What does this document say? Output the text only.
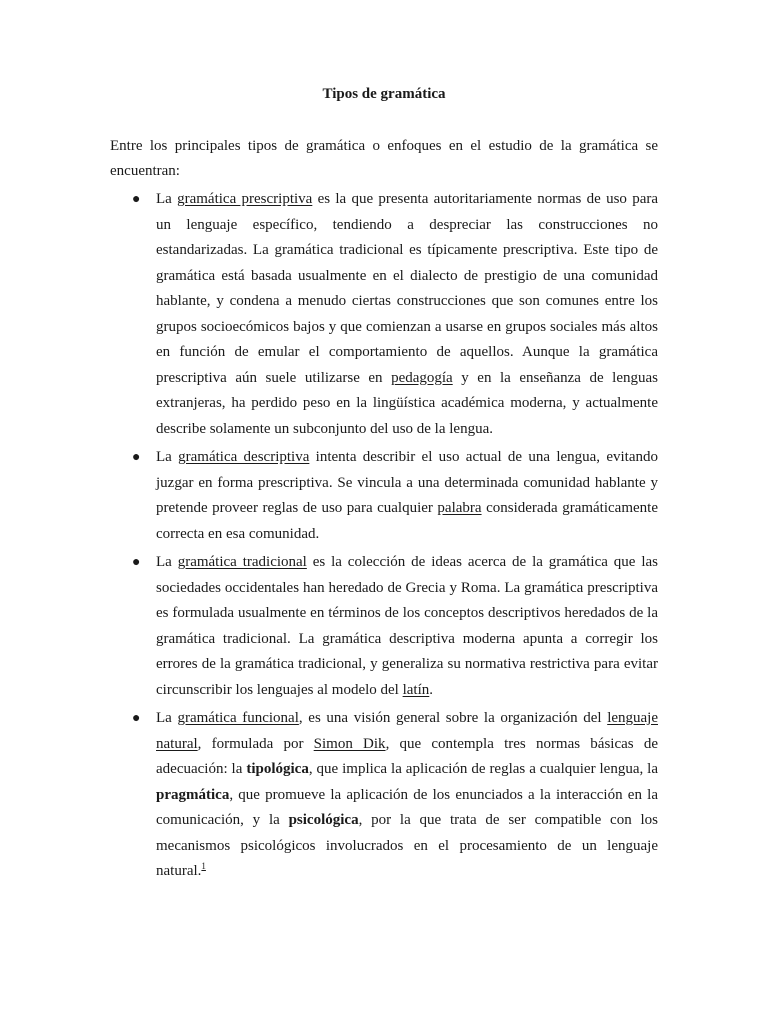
Tipos de gramática

Entre los principales tipos de gramática o enfoques en el estudio de la gramática se encuentran:

● La gramática prescriptiva es la que presenta autoritariamente normas de uso para un lenguaje específico, tendiendo a despreciar las construcciones no estandarizadas. La gramática tradicional es típicamente prescriptiva. Este tipo de gramática está basada usualmente en el dialecto de prestigio de una comunidad hablante, y condena a menudo ciertas construcciones que son comunes entre los grupos socioecómicos bajos y que comienzan a usarse en grupos sociales más altos en función de emular el comportamiento de aquellos. Aunque la gramática prescriptiva aún suele utilizarse en pedagogía y en la enseñanza de lenguas extranjeras, ha perdido peso en la lingüística académica moderna, y actualmente describe solamente un subconjunto del uso de la lengua.
● La gramática descriptiva intenta describir el uso actual de una lengua, evitando juzgar en forma prescriptiva. Se vincula a una determinada comunidad hablante y pretende proveer reglas de uso para cualquier palabra considerada gramáticamente correcta en esa comunidad.
● La gramática tradicional es la colección de ideas acerca de la gramática que las sociedades occidentales han heredado de Grecia y Roma. La gramática prescriptiva es formulada usualmente en términos de los conceptos descriptivos heredados de la gramática tradicional. La gramática descriptiva moderna apunta a corregir los errores de la gramática tradicional, y generaliza su normativa restrictiva para evitar circunscribir los lenguajes al modelo del latín.
● La gramática funcional, es una visión general sobre la organización del lenguaje natural, formulada por Simon Dik, que contempla tres normas básicas de adecuación: la tipológica, que implica la aplicación de reglas a cualquier lengua, la pragmática, que promueve la aplicación de los enunciados a la interacción en la comunicación, y la psicológica, por la que trata de ser compatible con los mecanismos psicológicos involucrados en el procesamiento de un lenguaje natural.$^1$
